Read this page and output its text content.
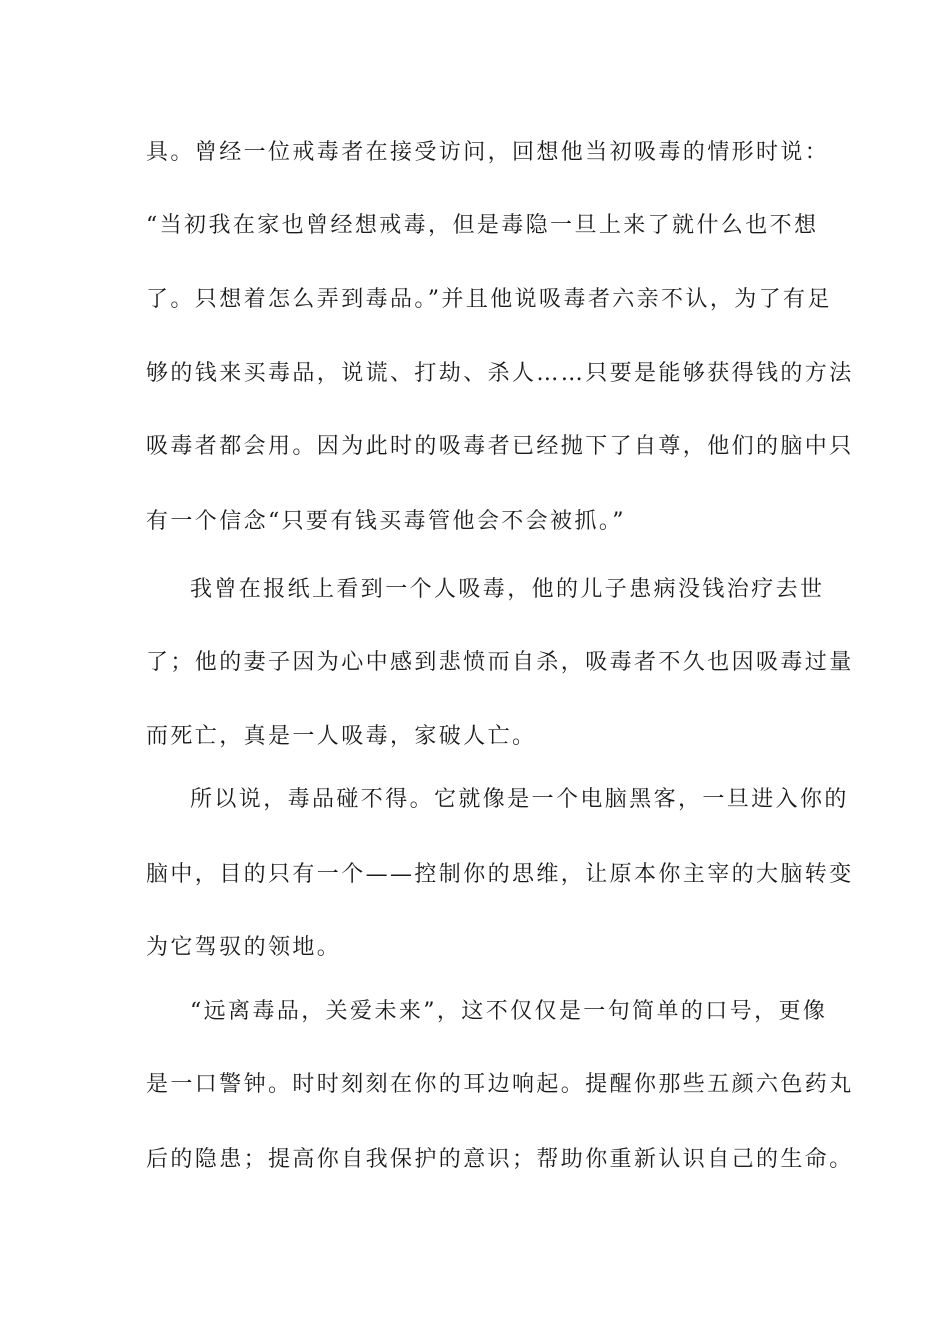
具。曾经一位戒毒者在接受访问，回想他当初吸毒的情形时说：
“当初我在家也曾经想戒毒，但是毒隐一旦上来了就什么也不想
了。只想着怎么弄到毒品。”并且他说吸毒者六亲不认，为了有足
够的钱来买毒品，说谎、打劫、杀人……只要是能够获得钱的方法
吸毒者都会用。因为此时的吸毒者已经抛下了自尊，他们的脑中只
有一个信念“只要有钱买毒管他会不会被抓。”
我曾在报纸上看到一个人吸毒，他的儿子患病没钱治疗去世
了；他的妻子因为心中感到悲愤而自杀，吸毒者不久也因吸毒过量
而死亡，真是一人吸毒，家破人亡。
所以说，毒品碰不得。它就像是一个电脑黑客，一旦进入你的
脑中，目的只有一个——控制你的思维，让原本你主宰的大脑转变
为它驾驭的领地。
“远离毒品，关爱未来”，这不仅仅是一句简单的口号，更像
是一口警钟。时时刻刻在你的耳边响起。提醒你那些五颜六色药丸
后的隐患；提高你自我保护的意识；帮助你重新认识自己的生命。
